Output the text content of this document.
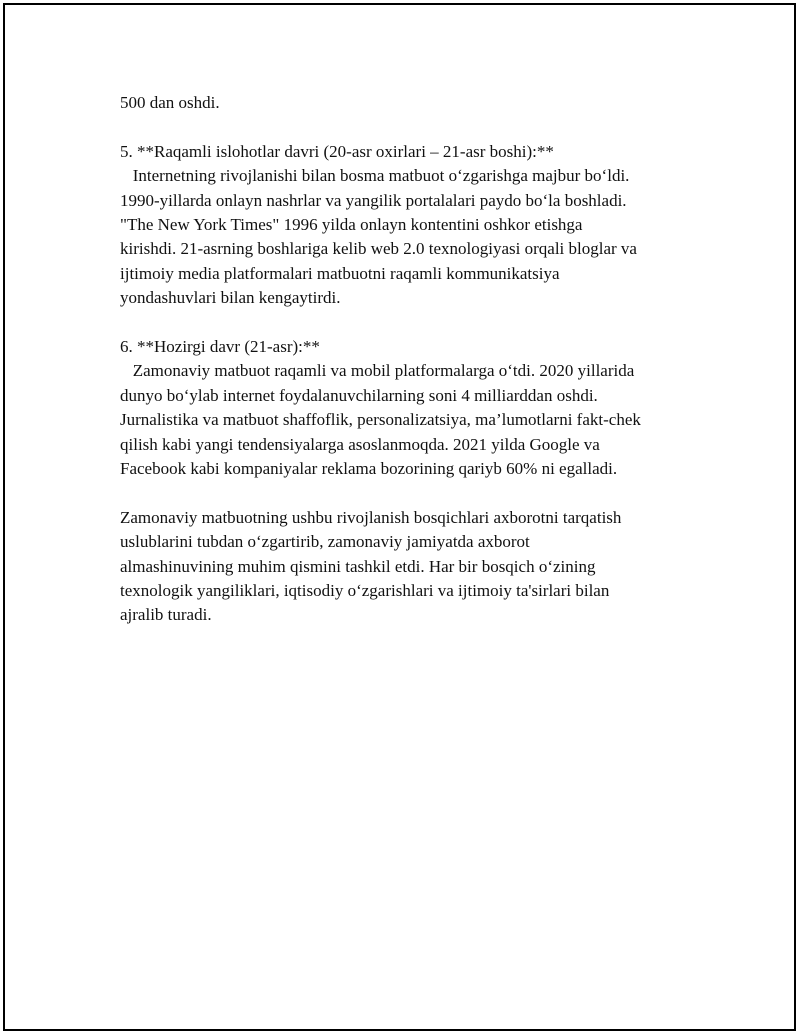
500 dan oshdi.
5. **Raqamli islohotlar davri (20-asr oxirlari – 21-asr boshi):**
Internetning rivojlanishi bilan bosma matbuot o‘zgarishga majbur bo‘ldi.
1990-yillarda onlayn nashrlar va yangilik portalalari paydo bo‘la boshladi.
"The New York Times" 1996 yilda onlayn kontentini oshkor etishga
kirishdi. 21-asrning boshlariga kelib web 2.0 texnologiyasi orqali bloglar va
ijtimoiy media platformalari matbuotni raqamli kommunikatsiya
yondashuvlari bilan kengaytirdi.
6. **Hozirgi davr (21-asr):**
Zamonaviy matbuot raqamli va mobil platformalarga o‘tdi. 2020 yillarida
dunyo bo‘ylab internet foydalanuvchilarning soni 4 milliarddan oshdi.
Jurnalistika va matbuot shaffoflik, personalizatsiya, ma’lumotlarni fakt-chek
qilish kabi yangi tendensiyalarga asoslanmoqda. 2021 yilda Google va
Facebook kabi kompaniyalar reklama bozorining qariyb 60% ni egalladi.
Zamonaviy matbuotning ushbu rivojlanish bosqichlari axborotni tarqatish
uslublarini tubdan o‘zgartirib, zamonaviy jamiyatda axborot
almashinuvining muhim qismini tashkil etdi. Har bir bosqich o‘zining
texnologik yangiliklari, iqtisodiy o‘zgarishlari va ijtimoiy ta'sirlari bilan
ajralib turadi.
